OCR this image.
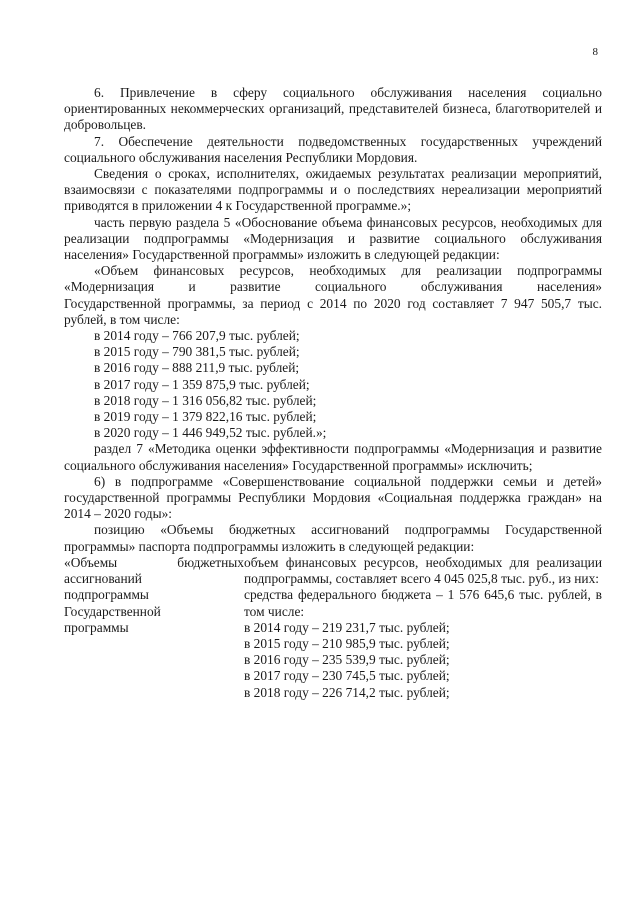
8

6. Привлечение в сферу социального обслуживания населения социально ориентированных некоммерческих организаций, представителей бизнеса, благотворителей и добровольцев.

7. Обеспечение деятельности подведомственных государственных учреждений социального обслуживания населения Республики Мордовия.

Сведения о сроках, исполнителях, ожидаемых результатах реализации мероприятий, взаимосвязи с показателями подпрограммы и о последствиях нереализации мероприятий приводятся в приложении 4 к Государственной программе.»;

часть первую раздела 5 «Обоснование объема финансовых ресурсов, необходимых для реализации подпрограммы «Модернизация и развитие социального обслуживания населения» Государственной программы» изложить в следующей редакции:

«Объем финансовых ресурсов, необходимых для реализации подпрограммы

«Модернизация и развитие социального обслуживания населения»

Государственной программы, за период с 2014 по 2020 год составляет 7 947 505,7 тыс. рублей, в том числе:

в 2014 году – 766 207,9 тыс. рублей;

в 2015 году – 790 381,5 тыс. рублей;

в 2016 году – 888 211,9 тыс. рублей;

в 2017 году – 1 359 875,9 тыс. рублей;

в 2018 году – 1 316 056,82 тыс. рублей;

в 2019 году – 1 379 822,16 тыс. рублей;

в 2020 году – 1 446 949,52 тыс. рублей.»;

раздел 7 «Методика оценки эффективности подпрограммы «Модернизация и развитие социального обслуживания населения» Государственной программы» исключить;

6) в подпрограмме «Совершенствование социальной поддержки семьи и детей» государственной программы Республики Мордовия «Социальная поддержка граждан» на 2014 – 2020 годы»:

позицию «Объемы бюджетных ассигнований подпрограммы Государственной программы» паспорта подпрограммы изложить в следующей редакции:

«Объемы бюджетных

ассигнований

подпрограммы

Государственной

программы

объем финансовых ресурсов, необходимых для реализации подпрограммы, составляет всего 4 045 025,8 тыс. руб., из них:

средства федерального бюджета – 1 576 645,6 тыс. рублей, в том числе:

в 2014 году – 219 231,7 тыс. рублей;

в 2015 году – 210 985,9 тыс. рублей;

в 2016 году – 235 539,9 тыс. рублей;

в 2017 году – 230 745,5 тыс. рублей;

в 2018 году – 226 714,2 тыс. рублей;
